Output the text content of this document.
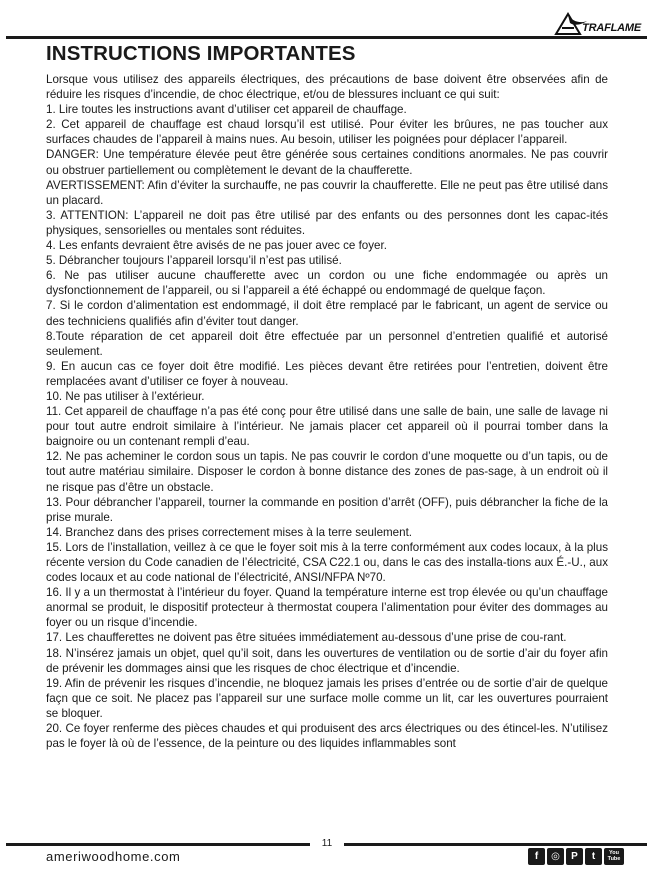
TRAFLAME
INSTRUCTIONS IMPORTANTES

Lorsque vous utilisez des appareils électriques, des précautions de base doivent être observées afin de réduire les risques d’incendie, de choc électrique, et/ou de blessures incluant ce qui suit:

1. Lire toutes les instructions avant d’utiliser cet appareil de chauffage.

2. Cet appareil de chauffage est chaud lorsqu’il est utilisé. Pour éviter les brûures, ne pas toucher aux surfaces chaudes de l’appareil à mains nues. Au besoin, utiliser les poignées pour déplacer l’appareil.

DANGER: Une température élevée peut être générée sous certaines conditions anormales. Ne pas couvrir ou obstruer partiellement ou complètement le devant de la chaufferette.

AVERTISSEMENT: Afin d’éviter la surchauffe, ne pas couvrir la chaufferette. Elle ne peut pas être utilisé dans un placard.

3. ATTENTION: L’appareil ne doit pas être utilisé par des enfants ou des personnes dont les capac-ités physiques, sensorielles ou mentales sont réduites.

4. Les enfants devraient être avisés de ne pas jouer avec ce foyer.

5. Débrancher toujours l’appareil lorsqu’il n’est pas utilisé.

6. Ne pas utiliser aucune chaufferette avec un cordon ou une fiche endommagée ou après un dysfonctionnement de l’appareil, ou si l’appareil a été échappé ou endommagé de quelque façon.

7. Si le cordon d’alimentation est endommagé, il doit être remplacé par le fabricant, un agent de service ou des techniciens qualifiés afin d’éviter tout danger.

8.Toute réparation de cet appareil doit être effectuée par un personnel d’entretien qualifié et autorisé seulement.

9. En aucun cas ce foyer doit être modifié. Les pièces devant être retirées pour l’entretien, doivent être remplacées avant d’utiliser ce foyer à nouveau.

10. Ne pas utiliser à l’extérieur.

11. Cet appareil de chauffage n’a pas été conç pour être utilisé dans une salle de bain, une salle de lavage ni pour tout autre endroit similaire à l’intérieur. Ne jamais placer cet appareil où il pourrai tomber dans la baignoire ou un contenant rempli d’eau.

12. Ne pas acheminer le cordon sous un tapis. Ne pas couvrir le cordon d’une moquette ou d’un tapis, ou de tout autre matériau similaire. Disposer le cordon à bonne distance des zones de pas-sage, à un endroit où il ne risque pas d’être un obstacle.

13. Pour débrancher l’appareil, tourner la commande en position d’arrêt (OFF), puis débrancher la fiche de la prise murale.

14. Branchez dans des prises correctement mises à la terre seulement.

15. Lors de l’installation, veillez à ce que le foyer soit mis à la terre conformément aux codes locaux, à la plus récente version du Code canadien de l’électricité, CSA C22.1 ou, dans le cas des installa-tions aux É.-U., aux codes locaux et au code national de l’électricité, ANSI/NFPA Nº70.

16. Il y a un thermostat à l’intérieur du foyer. Quand la température interne est trop élevée ou qu’un chauffage anormal se produit, le dispositif protecteur à thermostat coupera l’alimentation pour éviter des dommages au foyer ou un risque d’incendie.

17. Les chaufferettes ne doivent pas être situées immédiatement au-dessous d’une prise de cou-rant.

18. N’insérez jamais un objet, quel qu’il soit, dans les ouvertures de ventilation ou de sortie d’air du foyer afin de prévenir les dommages ainsi que les risques de choc électrique et d’incendie.

19. Afin de prévenir les risques d’incendie, ne bloquez jamais les prises d’entrée ou de sortie d’air de quelque façn que ce soit. Ne placez pas l’appareil sur une surface molle comme un lit, car les ouvertures pourraient se bloquer.

20. Ce foyer renferme des pièces chaudes et qui produisent des arcs électriques ou des étincel-les. N’utilisez pas le foyer là où de l’essence, de la peinture ou des liquides inflammables sont

11
ameriwoodhome.com	f	◎	P	t	You
Tube
